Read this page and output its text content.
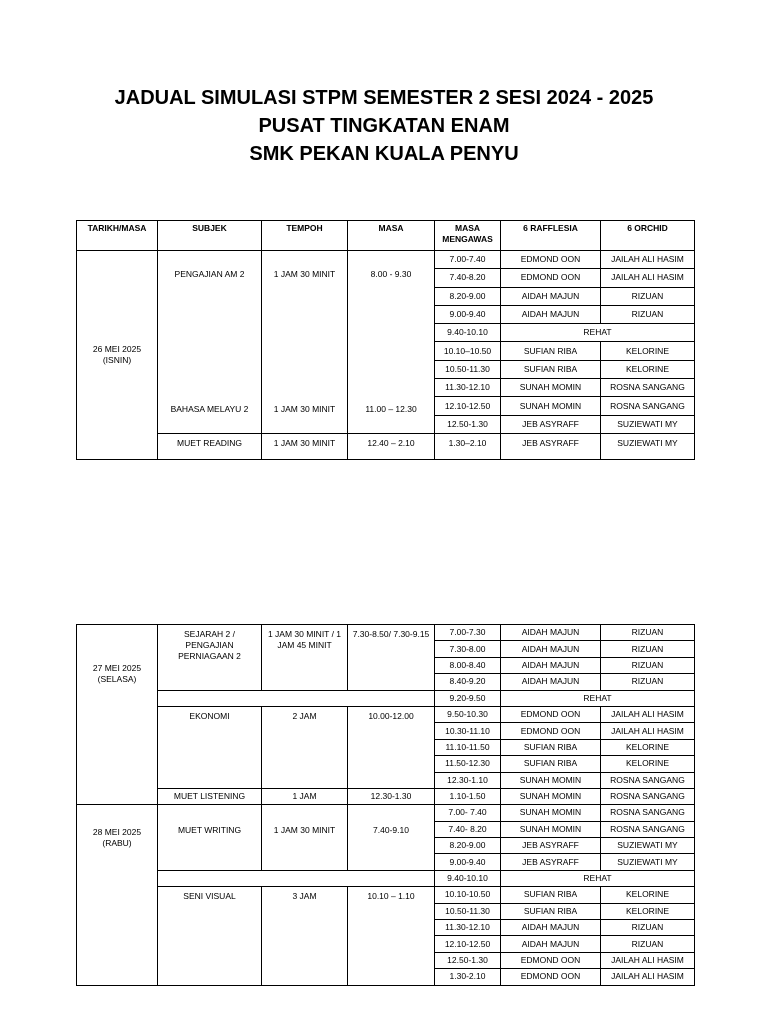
JADUAL SIMULASI STPM SEMESTER 2 SESI 2024 - 2025
PUSAT TINGKATAN ENAM
SMK PEKAN KUALA PENYU
TARIKH/MASA	SUBJEK	TEMPOH	MASA	MASA MENGAWAS	6 RAFFLESIA	6 ORCHID
26 MEI 2025
(ISNIN)	PENGAJIAN AM 2	1 JAM 30 MINIT	8.00 - 9.30	7.00-7.40	EDMOND OON	JAILAH ALI HASIM
				7.40-8.20	EDMOND OON	JAILAH ALI HASIM
				8.20-9.00	AIDAH MAJUN	RIZUAN
				9.00-9.40	AIDAH MAJUN	RIZUAN
				9.40-10.10	REHAT	
				10.10–10.50	SUFIAN RIBA	KELORINE
				10.50-11.30	SUFIAN RIBA	KELORINE
				11.30-12.10	SUNAH MOMIN	ROSNA SANGANG
	BAHASA MELAYU 2	1 JAM 30 MINIT	11.00 – 12.30	12.10-12.50	SUNAH MOMIN	ROSNA SANGANG
				12.50-1.30	JEB ASYRAFF	SUZIEWATI MY
	MUET READING	1 JAM 30 MINIT	12.40 – 2.10	1.30–2.10	JEB ASYRAFF	SUZIEWATI MY
27 MEI 2025
(SELASA)	SEJARAH 2 / PENGAJIAN PERNIAGAAN 2	1 JAM 30 MINIT / 1 JAM 45 MINIT	7.30-8.50/ 7.30-9.15	7.00-7.30	AIDAH MAJUN	RIZUAN
				7.30-8.00	AIDAH MAJUN	RIZUAN
				8.00-8.40	AIDAH MAJUN	RIZUAN
				8.40-9.20	AIDAH MAJUN	RIZUAN
				9.20-9.50	REHAT	
	EKONOMI	2 JAM	10.00-12.00	9.50-10.30	EDMOND OON	JAILAH ALI HASIM
				10.30-11.10	EDMOND OON	JAILAH ALI HASIM
				11.10-11.50	SUFIAN RIBA	KELORINE
				11.50-12.30	SUFIAN RIBA	KELORINE
				12.30-1.10	SUNAH MOMIN	ROSNA SANGANG
	MUET LISTENING	1 JAM	12.30-1.30	1.10-1.50	SUNAH MOMIN	ROSNA SANGANG
28 MEI 2025
(RABU)	MUET WRITING	1 JAM 30 MINIT	7.40-9.10	7.00- 7.40	SUNAH MOMIN	ROSNA SANGANG
				7.40- 8.20	SUNAH MOMIN	ROSNA SANGANG
				8.20-9.00	JEB ASYRAFF	SUZIEWATI MY
				9.00-9.40	JEB ASYRAFF	SUZIEWATI MY
				9.40-10.10	REHAT	
	SENI VISUAL	3 JAM	10.10 – 1.10	10.10-10.50	SUFIAN RIBA	KELORINE
				10.50-11.30	SUFIAN RIBA	KELORINE
				11.30-12.10	AIDAH MAJUN	RIZUAN
				12.10-12.50	AIDAH MAJUN	RIZUAN
				12.50-1.30	EDMOND OON	JAILAH ALI HASIM
				1.30-2.10	EDMOND OON	JAILAH ALI HASIM
